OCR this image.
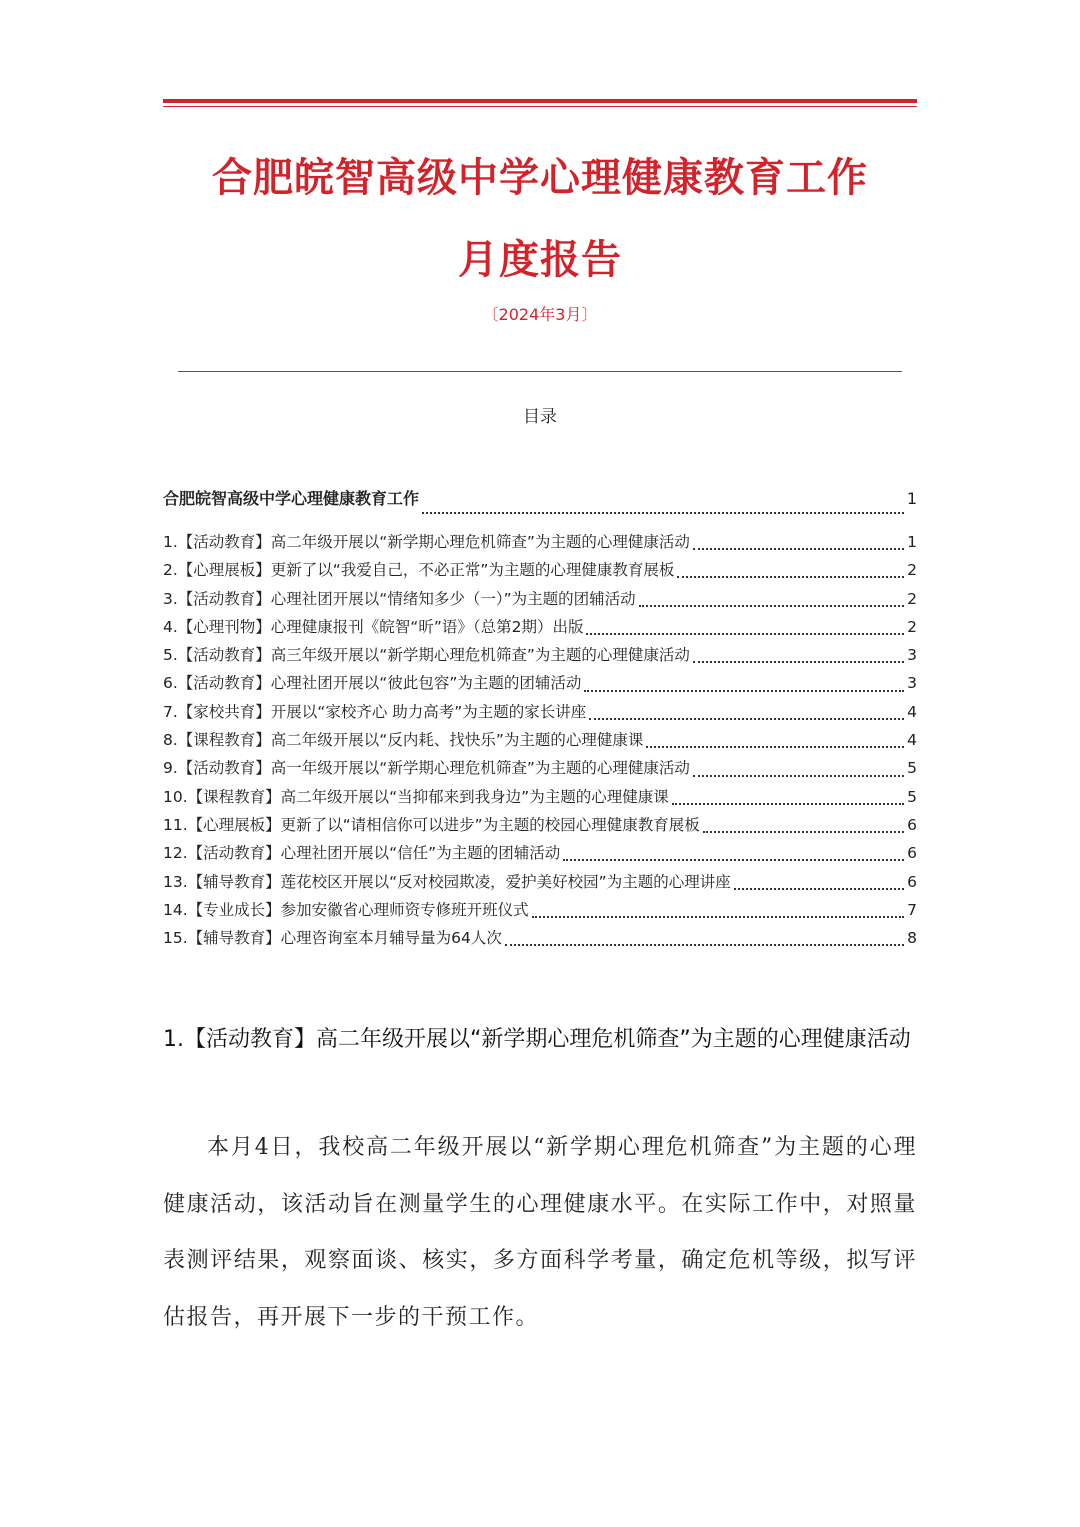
合肥皖智高级中学心理健康教育工作
月度报告
〔2024年3月〕
目录
合肥皖智高级中学心理健康教育工作	1
1.【活动教育】高二年级开展以“新学期心理危机筛查”为主题的心理健康活动	1
2.【心理展板】更新了以“我爱自己，不必正常”为主题的心理健康教育展板	2
3.【活动教育】心理社团开展以“情绪知多少（一）”为主题的团辅活动	2
4.【心理刊物】心理健康报刊《皖智“昕”语》（总第2期）出版	2
5.【活动教育】高三年级开展以“新学期心理危机筛查”为主题的心理健康活动	3
6.【活动教育】心理社团开展以“彼此包容”为主题的团辅活动	3
7.【家校共育】开展以“家校齐心 助力高考”为主题的家长讲座	4
8.【课程教育】高二年级开展以“反内耗、找快乐”为主题的心理健康课	4
9.【活动教育】高一年级开展以“新学期心理危机筛查”为主题的心理健康活动	5
10.【课程教育】高二年级开展以“当抑郁来到我身边”为主题的心理健康课	5
11.【心理展板】更新了以“请相信你可以进步”为主题的校园心理健康教育展板	6
12.【活动教育】心理社团开展以“信任”为主题的团辅活动	6
13.【辅导教育】莲花校区开展以“反对校园欺凌，爱护美好校园”为主题的心理讲座	6
14.【专业成长】参加安徽省心理师资专修班开班仪式	7
15.【辅导教育】心理咨询室本月辅导量为64人次	8
1.【活动教育】高二年级开展以“新学期心理危机筛查”为主题的心理健康活动
本月4日，我校高二年级开展以“新学期心理危机筛查”为主题的心理健康活动，该活动旨在测量学生的心理健康水平。在实际工作中，对照量表测评结果，观察面谈、核实，多方面科学考量，确定危机等级，拟写评估报告，再开展下一步的干预工作。
